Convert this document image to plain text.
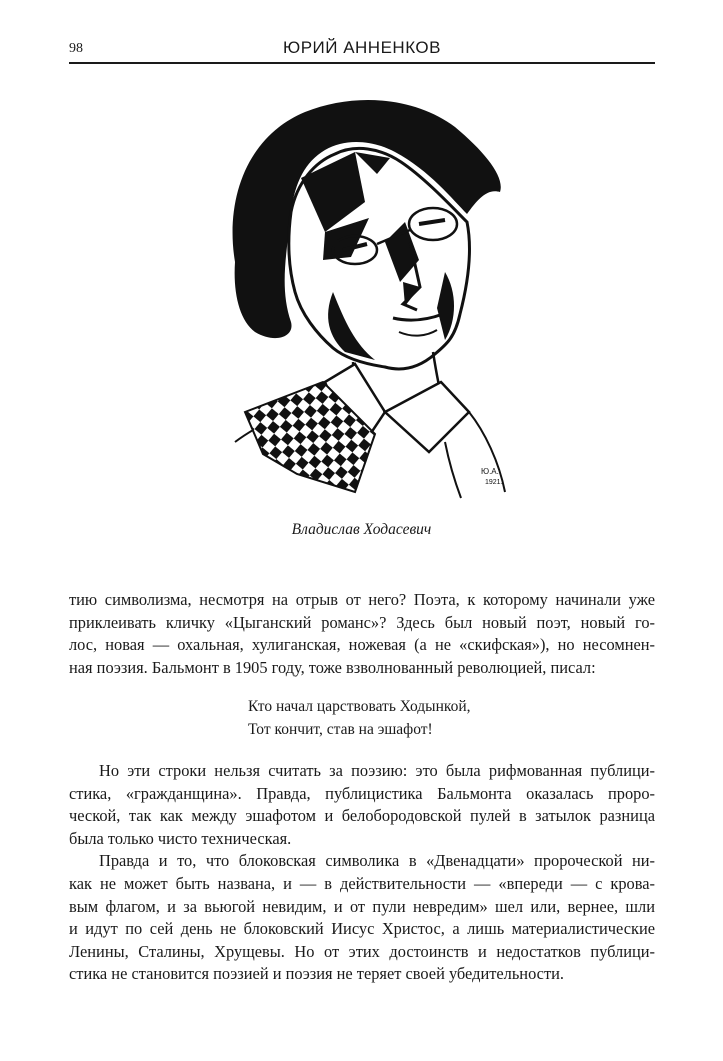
98	ЮРИЙ АННЕНКОВ
Ю.А.
1921.
Владислав Ходасевич
тию символизма, несмотря на отрыв от него? Поэта, к которому начинали уже
приклеивать кличку «Цыганский романс»? Здесь был новый поэт, новый го-
лос, новая — охальная, хулиганская, ножевая (а не «скифская»), но несомнен-
ная поэзия. Бальмонт в 1905 году, тоже взволнованный революцией, писал:
Кто начал царствовать Ходынкой,
Тот кончит, став на эшафот!
Но эти строки нельзя считать за поэзию: это была рифмованная публици-
стика, «гражданщина». Правда, публицистика Бальмонта оказалась проро-
ческой, так как между эшафотом и белобородовской пулей в затылок разница
была только чисто техническая.
Правда и то, что блоковская символика в «Двенадцати» пророческой ни-
как не может быть названа, и — в действительности — «впереди — с крова-
вым флагом, и за вьюгой невидим, и от пули невредим» шел или, вернее, шли
и идут по сей день не блоковский Иисус Христос, а лишь материалистические
Ленины, Сталины, Хрущевы. Но от этих достоинств и недостатков публици-
стика не становится поэзией и поэзия не теряет своей убедительности.
